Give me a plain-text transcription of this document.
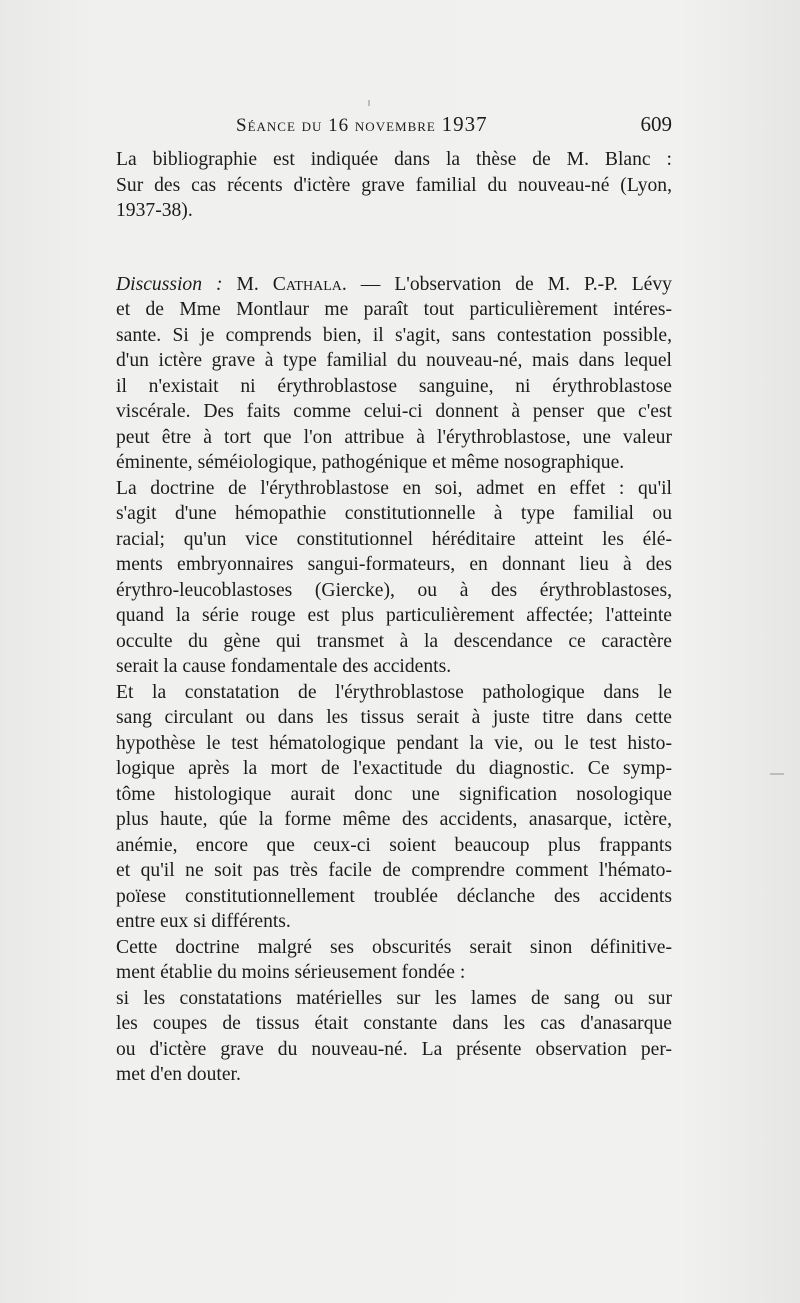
Séance du 16 novembre 1937	609
La bibliographie est indiquée dans la thèse de M. Blanc :
Sur des cas récents d'ictère grave familial du nouveau-né (Lyon,
1937-38).
Discussion : M. Cathala. — L'observation de M. P.-P. Lévy
et de Mme Montlaur me paraît tout particulièrement intéres-
sante. Si je comprends bien, il s'agit, sans contestation possible,
d'un ictère grave à type familial du nouveau-né, mais dans lequel
il n'existait ni érythroblastose sanguine, ni érythroblastose
viscérale. Des faits comme celui-ci donnent à penser que c'est
peut être à tort que l'on attribue à l'érythroblastose, une valeur
éminente, séméiologique, pathogénique et même nosographique.
La doctrine de l'érythroblastose en soi, admet en effet : qu'il
s'agit d'une hémopathie constitutionnelle à type familial ou
racial; qu'un vice constitutionnel héréditaire atteint les élé-
ments embryonnaires sangui-formateurs, en donnant lieu à des
érythro-leucoblastoses (Giercke), ou à des érythroblastoses,
quand la série rouge est plus particulièrement affectée; l'atteinte
occulte du gène qui transmet à la descendance ce caractère
serait la cause fondamentale des accidents.
Et la constatation de l'érythroblastose pathologique dans le
sang circulant ou dans les tissus serait à juste titre dans cette
hypothèse le test hématologique pendant la vie, ou le test histo-
logique après la mort de l'exactitude du diagnostic. Ce symp-
tôme histologique aurait donc une signification nosologique
plus haute, qúe la forme même des accidents, anasarque, ictère,
anémie, encore que ceux-ci soient beaucoup plus frappants
et qu'il ne soit pas très facile de comprendre comment l'hémato-
poïese constitutionnellement troublée déclanche des accidents
entre eux si différents.
Cette doctrine malgré ses obscurités serait sinon définitive-
ment établie du moins sérieusement fondée :
si les constatations matérielles sur les lames de sang ou sur
les coupes de tissus était constante dans les cas d'anasarque
ou d'ictère grave du nouveau-né. La présente observation per-
met d'en douter.
